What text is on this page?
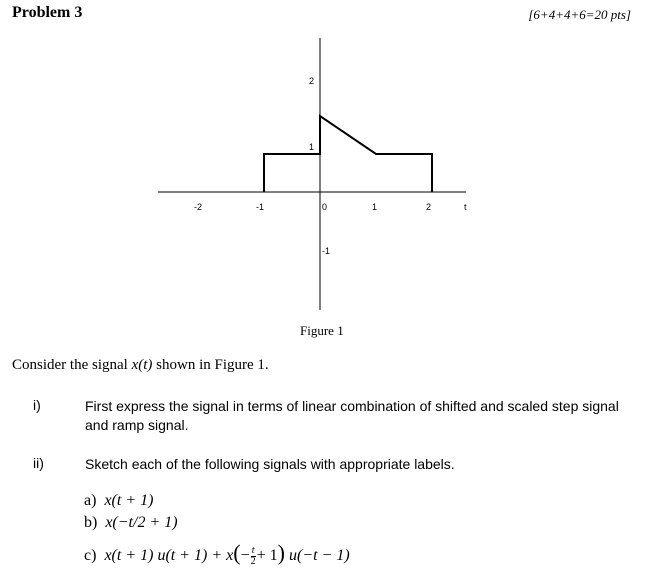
Problem 3	[6+4+4+6=20 pts]
-2	-1	0	1	2	t
2
1
-1
Figure 1
Consider the signal x(t) shown in Figure 1.
i)	First express the signal in terms of linear combination of shifted and scaled step signal and ramp signal.
ii)	Sketch each of the following signals with appropriate labels.
a) x(t + 1)
b) x(−t/2 + 1)
c) x(t + 1) $u(t + 1) + x(- \frac{t}{2} + 1)$ u(−t − 1)
